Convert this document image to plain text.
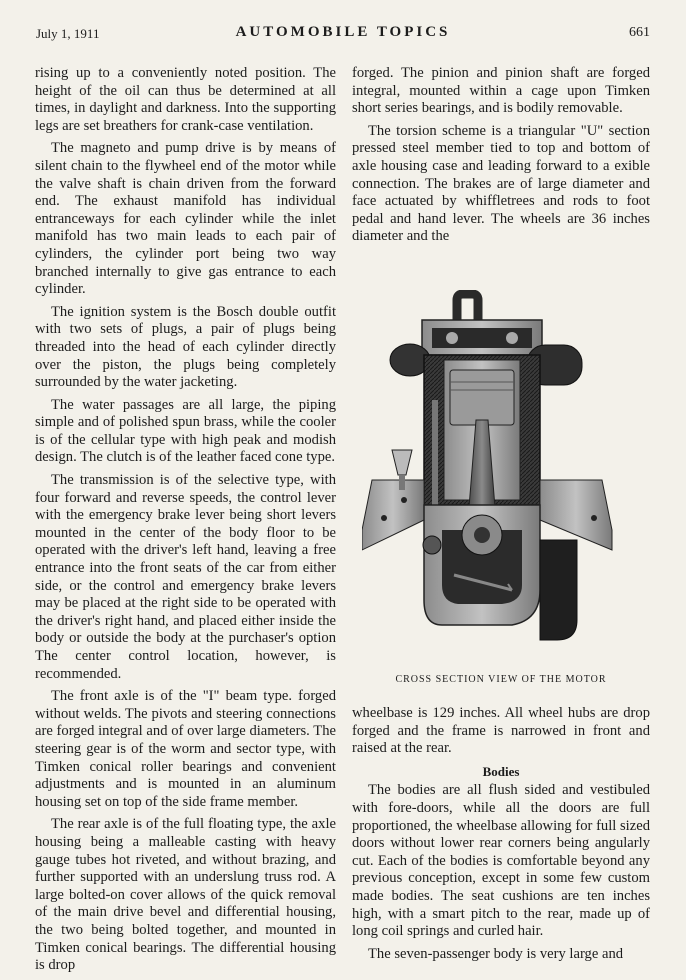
July 1, 1911	AUTOMOBILE TOPICS	661

rising up to a conveniently noted position. The height of the oil can thus be determined at all times, in daylight and darkness. Into the supporting legs are set breathers for crank-case ventilation.

The magneto and pump drive is by means of silent chain to the flywheel end of the motor while the valve shaft is chain driven from the forward end. The exhaust manifold has individual entranceways for each cylinder while the inlet manifold has two main leads to each pair of cylinders, the cylinder port being two way branched internally to give gas entrance to each cylinder.

The ignition system is the Bosch double outfit with two sets of plugs, a pair of plugs being threaded into the head of each cylinder directly over the piston, the plugs being completely surrounded by the water jacketing.

The water passages are all large, the piping simple and of polished spun brass, while the cooler is of the cellular type with high peak and modish design. The clutch is of the leather faced cone type.

The transmission is of the selective type, with four forward and reverse speeds, the control lever with the emergency brake lever being short levers mounted in the center of the body floor to be operated with the driver's left hand, leaving a free entrance into the front seats of the car from either side, or the control and emergency brake levers may be placed at the right side to be operated with the driver's right hand, and placed either inside the body or outside the body at the purchaser's option The center control location, however, is recommended.

The front axle is of the "I" beam type. forged without welds. The pivots and steering connections are forged integral and of over large diameters. The steering gear is of the worm and sector type, with Timken conical roller bearings and convenient adjustments and is mounted in an aluminum housing set on top of the side frame member.

The rear axle is of the full floating type, the axle housing being a malleable casting with heavy gauge tubes hot riveted, and without brazing, and further supported with an underslung truss rod. A large bolted-on cover allows of the quick removal of the main drive bevel and differential housing, the two being bolted together, and mounted in Timken conical bearings. The differential housing is drop

forged. The pinion and pinion shaft are forged integral, mounted within a cage upon Timken short series bearings, and is bodily removable.

The torsion scheme is a triangular "U" section pressed steel member tied to top and bottom of axle housing case and leading forward to a exible connection. The brakes are of large diameter and face actuated by whiffletrees and rods to foot pedal and hand lever. The wheels are 36 inches diameter and the

CROSS SECTION VIEW OF THE MOTOR

wheelbase is 129 inches. All wheel hubs are drop forged and the frame is narrowed in front and raised at the rear.

Bodies

The bodies are all flush sided and vestibuled with fore-doors, while all the doors are full proportioned, the wheelbase allowing for full sized doors without lower rear corners being angularly cut. Each of the bodies is comfortable beyond any previous conception, except in some few custom made bodies. The seat cushions are ten inches high, with a smart pitch to the rear, made up of long coil springs and curled hair.

The seven-passenger body is very large and
